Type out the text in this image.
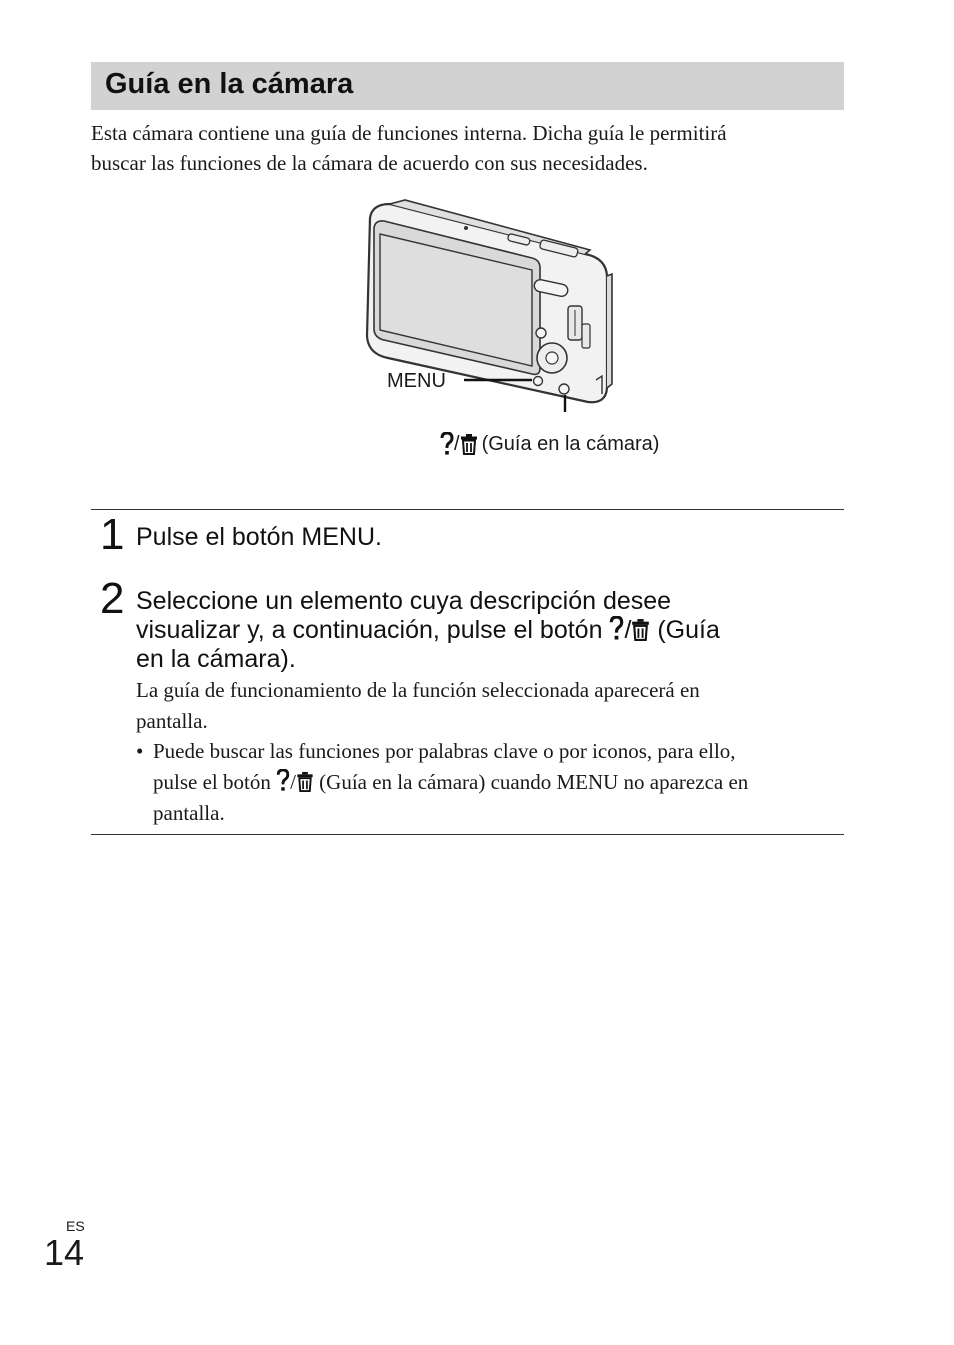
Guía en la cámara
Esta cámara contiene una guía de funciones interna. Dicha guía le permitirá
buscar las funciones de la cámara de acuerdo con sus necesidades.
MENU
/ (Guía en la cámara)
1 Pulse el botón MENU.
2 Seleccione un elemento cuya descripción desee
visualizar y, a continuación, pulse el botón / (Guía
en la cámara).
La guía de funcionamiento de la función seleccionada aparecerá en
pantalla.
• Puede buscar las funciones por palabras clave o por iconos, para ello,
pulse el botón / (Guía en la cámara) cuando MENU no aparezca en
pantalla.
ES
14
